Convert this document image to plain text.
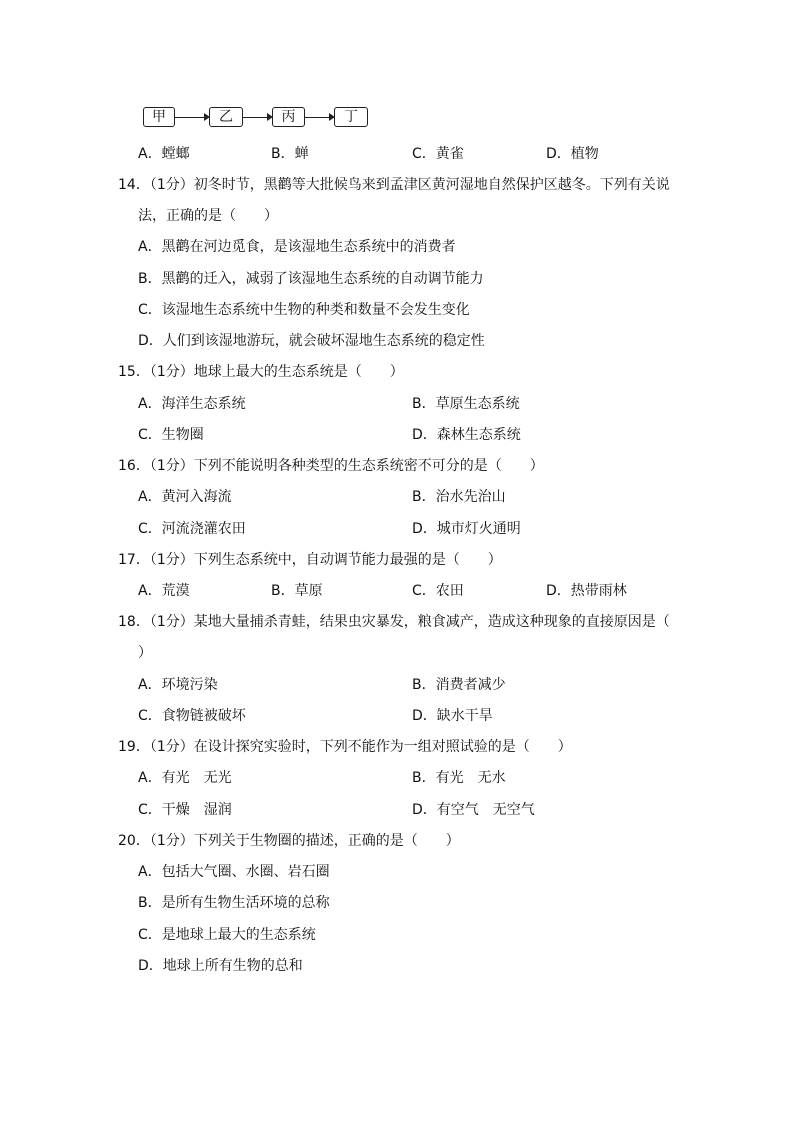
甲	乙	丙	丁
A．螳螂	B．蝉	C．黄雀	D．植物
14．（1分）初冬时节，黑鹳等大批候鸟来到孟津区黄河湿地自然保护区越冬。下列有关说
法，正确的是（　　）
A．黑鹳在河边觅食，是该湿地生态系统中的消费者
B．黑鹳的迁入，减弱了该湿地生态系统的自动调节能力
C．该湿地生态系统中生物的种类和数量不会发生变化
D．人们到该湿地游玩，就会破坏湿地生态系统的稳定性
15．（1分）地球上最大的生态系统是（　　）
A．海洋生态系统	B．草原生态系统
C．生物圈	D．森林生态系统
16．（1分）下列不能说明各种类型的生态系统密不可分的是（　　）
A．黄河入海流	B．治水先治山
C．河流浇灌农田	D．城市灯火通明
17．（1分）下列生态系统中，自动调节能力最强的是（　　）
A．荒漠	B．草原	C．农田	D．热带雨林
18．（1分）某地大量捕杀青蛙，结果虫灾暴发，粮食减产，造成这种现象的直接原因是（
）
A．环境污染	B．消费者减少
C．食物链被破坏	D．缺水干旱
19．（1分）在设计探究实验时，下列不能作为一组对照试验的是（　　）
A．有光　无光	B．有光　无水
C．干燥　湿润	D．有空气　无空气
20．（1分）下列关于生物圈的描述，正确的是（　　）
A．包括大气圈、水圈、岩石圈
B．是所有生物生活环境的总称
C．是地球上最大的生态系统
D．地球上所有生物的总和
